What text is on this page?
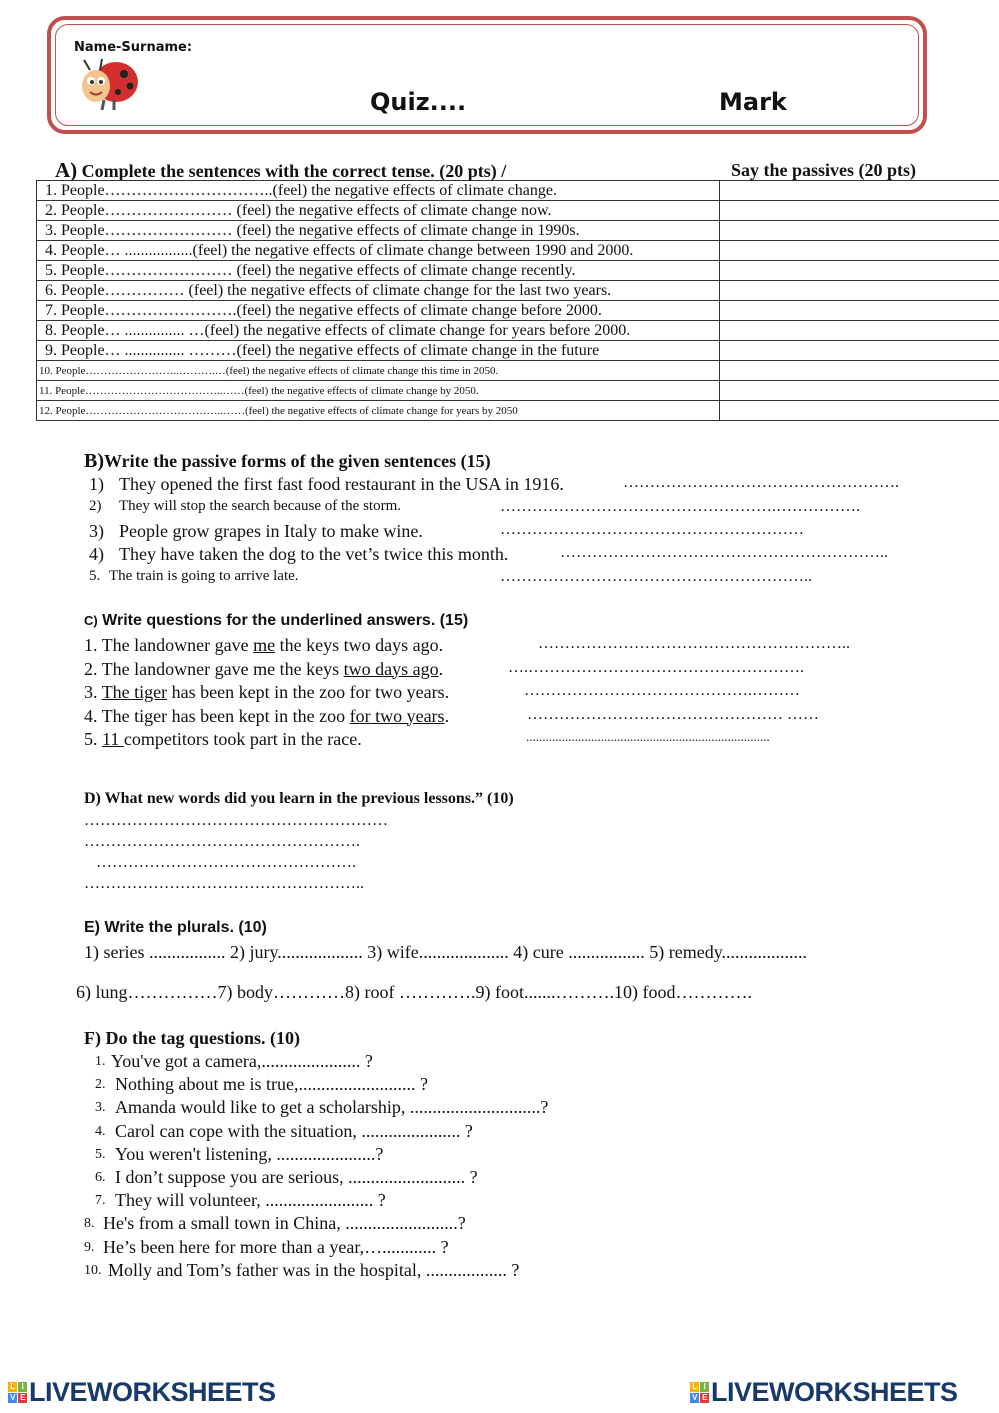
Name-Surname:
Quiz....	Mark
A) Complete the sentences with the correct tense. (20 pts) /	Say the passives (20 pts)
1. People…………………………..(feel) the negative effects of climate change.	
2. People…………………… (feel) the negative effects of climate change now.	
3. People…………………… (feel) the negative effects of climate change in 1990s.	
4. People… .................(feel) the negative effects of climate change between 1990 and 2000.	
5. People…………………… (feel) the negative effects of climate change recently.	
6. People…………… (feel) the negative effects of climate change for the last two years.	
7. People…………………….(feel) the negative effects of climate change before 2000.	
8. People… ............... …(feel) the negative effects of climate change for years before 2000.	
9. People… ............... ………(feel) the negative effects of climate change in the future	
10. People……………………..……….…(feel) the negative effects of climate change this time in 2050.	
11. People………………………………..……(feel) the negative effects of climate change by 2050.	
12. People………………………………..……(feel) the negative effects of climate change for years by 2050	
B)Write the passive forms of the given sentences (15)
C) Write questions for the underlined answers. (15)
D) What new words did you learn in the previous lessons.” (10)
E) Write the plurals. (10)
1) series ................. 2) jury................... 3) wife.................... 4) cure ................. 5) remedy...................
6) lung……………7) body…………8) roof ………….9) foot.......……….10) food………….
F) Do the tag questions. (10)
L I
V E LIVEWORKSHEETS	L I
V E LIVEWORKSHEETS
1) They opened the first fast food restaurant in the USA in 1916.	…………………………………………….
2) They will stop the search because of the storm.	…………………………………………….…………….
3) People grow grapes in Italy to make wine.	…………………………………………………
4) They have taken the dog to the vet’s twice this month.	……………………………………………………..
5. The train is going to arrive late.	…………………………………………………..
1. The landowner gave me the keys two days ago.	…………………………………………………..
2. The landowner gave me the keys two days ago.	….…………………………………………….
3. The tiger has been kept in the zoo for two years.	…………………………………….………
4. The tiger has been kept in the zoo for two years.	………………………………………… ……
5. 11 competitors took part in the race.	...........................................................................
…………………………………………………
…………………………………………….
………………………………………….
……………………………………………..
1. You've got a camera,...................... ?
2. Nothing about me is true,.......................... ?
3. Amanda would like to get a scholarship, .............................?
4. Carol can cope with the situation, ...................... ?
5. You weren't listening, ......................?
6. I don’t suppose you are serious, .......................... ?
7. They will volunteer, ........................ ?
8. He's from a small town in China, .........................?
9. He’s been here for more than a year,…............ ?
10. Molly and Tom’s father was in the hospital, .................. ?
